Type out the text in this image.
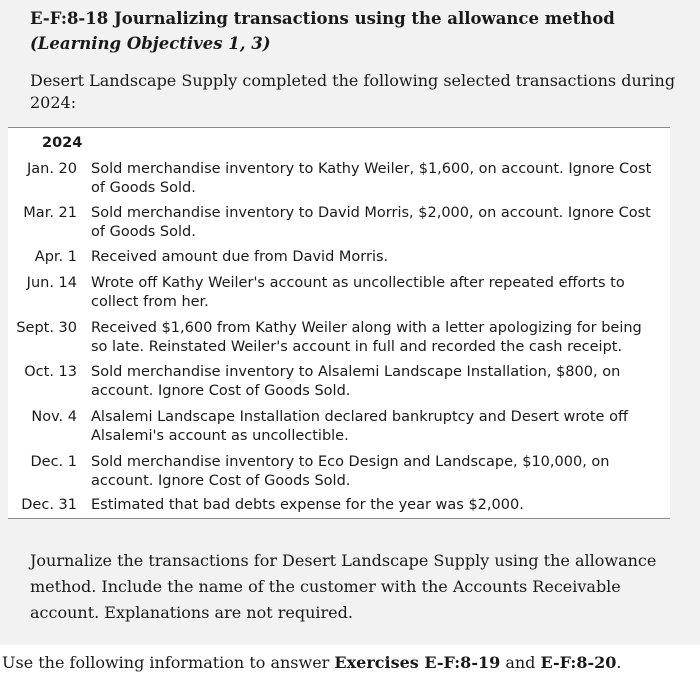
E-F:8-18 Journalizing transactions using the allowance method (Learning Objectives 1, 3)
Desert Landscape Supply completed the following selected transactions during 2024:
2024
Jan. 20 Sold merchandise inventory to Kathy Weiler, $1,600, on account. Ignore Cost of Goods Sold.
Mar. 21 Sold merchandise inventory to David Morris, $2,000, on account. Ignore Cost of Goods Sold.
Apr. 1 Received amount due from David Morris.
Jun. 14 Wrote off Kathy Weiler's account as uncollectible after repeated efforts to collect from her.
Sept. 30 Received $1,600 from Kathy Weiler along with a letter apologizing for being so late. Reinstated Weiler's account in full and recorded the cash receipt.
Oct. 13 Sold merchandise inventory to Alsalemi Landscape Installation, $800, on account. Ignore Cost of Goods Sold.
Nov. 4 Alsalemi Landscape Installation declared bankruptcy and Desert wrote off Alsalemi's account as uncollectible.
Dec. 1 Sold merchandise inventory to Eco Design and Landscape, $10,000, on account. Ignore Cost of Goods Sold.
Dec. 31 Estimated that bad debts expense for the year was $2,000.
Journalize the transactions for Desert Landscape Supply using the allowance method. Include the name of the customer with the Accounts Receivable account. Explanations are not required.
Use the following information to answer Exercises E-F:8-19 and E-F:8-20.
